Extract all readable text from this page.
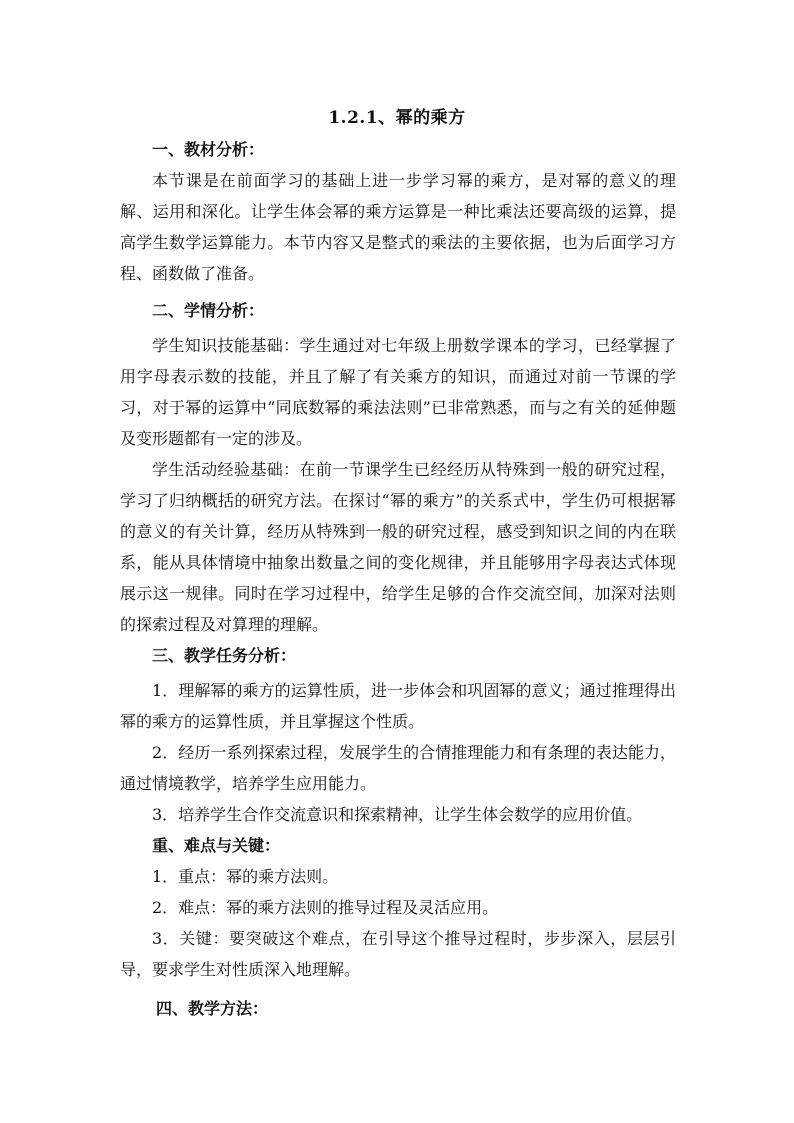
1.2.1、幂的乘方

一、教材分析：

本节课是在前面学习的基础上进一步学习幂的乘方，是对幂的意义的理解、运用和深化。让学生体会幂的乘方运算是一种比乘法还要高级的运算，提高学生数学运算能力。本节内容又是整式的乘法的主要依据，也为后面学习方程、函数做了准备。

二、学情分析：

学生知识技能基础：学生通过对七年级上册数学课本的学习，已经掌握了用字母表示数的技能，并且了解了有关乘方的知识，而通过对前一节课的学习，对于幂的运算中“同底数幂的乘法法则”已非常熟悉，而与之有关的延伸题及变形题都有一定的涉及。

学生活动经验基础：在前一节课学生已经经历从特殊到一般的研究过程，学习了归纳概括的研究方法。在探讨“幂的乘方”的关系式中，学生仍可根据幂的意义的有关计算，经历从特殊到一般的研究过程，感受到知识之间的内在联系，能从具体情境中抽象出数量之间的变化规律，并且能够用字母表达式体现展示这一规律。同时在学习过程中，给学生足够的合作交流空间，加深对法则的探索过程及对算理的理解。

三、教学任务分析：

1．理解幂的乘方的运算性质，进一步体会和巩固幂的意义；通过推理得出幂的乘方的运算性质，并且掌握这个性质。

2．经历一系列探索过程，发展学生的合情推理能力和有条理的表达能力，通过情境教学，培养学生应用能力。

3．培养学生合作交流意识和探索精神，让学生体会数学的应用价值。

重、难点与关键：

1．重点：幂的乘方法则。

2．难点：幂的乘方法则的推导过程及灵活应用。

3．关键：要突破这个难点，在引导这个推导过程时，步步深入，层层引导，要求学生对性质深入地理解。

四、教学方法：
